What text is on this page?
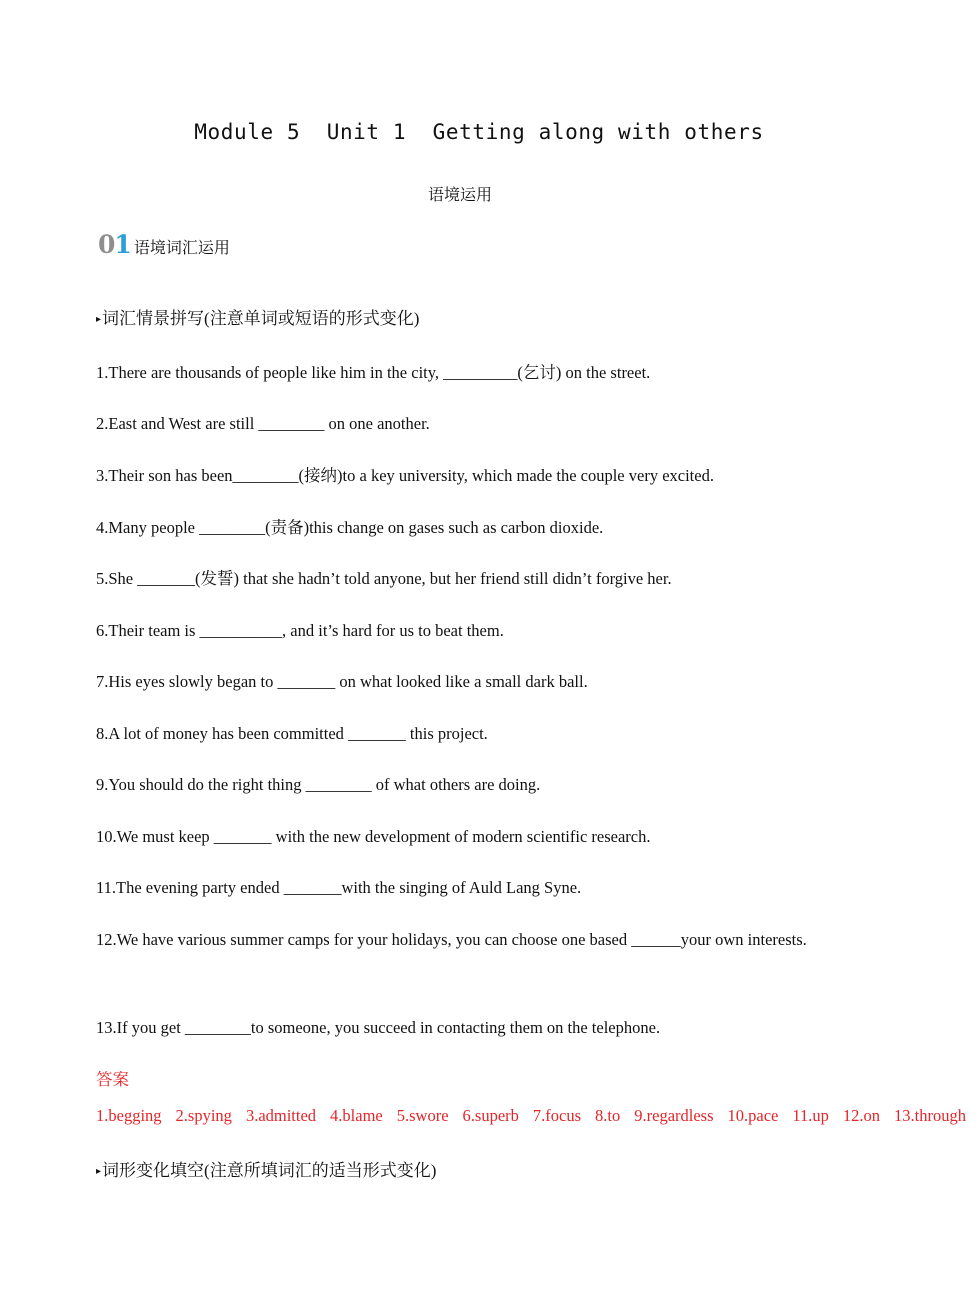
Module 5  Unit 1  Getting along with others
语境运用
01 语境词汇运用
▸词汇情景拼写(注意单词或短语的形式变化)
1.There are thousands of people like him in the city, _________(乞讨) on the street.
2.East and West are still ________ on one another.
3.Their son has been________(接纳)to a key university, which made the couple very excited.
4.Many people ________(责备)this change on gases such as carbon dioxide.
5.She _______(发誓) that she hadn’t told anyone, but her friend still didn’t forgive her.
6.Their team is __________, and it’s hard for us to beat them.
7.His eyes slowly began to _______ on what looked like a small dark ball.
8.A lot of money has been committed _______ this project.
9.You should do the right thing ________ of what others are doing.
10.We must keep _______ with the new development of modern scientific research.
11.The evening party ended _______with the singing of Auld Lang Syne.
12.We have various summer camps for your holidays, you can choose one based ______your own interests.
13.If you get ________to someone, you succeed in contacting them on the telephone.
答案1.begging 2.spying 3.admitted 4.blame 5.swore 6.superb 7.focus 8.to 9.regardless 10.pace 11.up 12.on 13.through
▸词形变化填空(注意所填词汇的适当形式变化)
